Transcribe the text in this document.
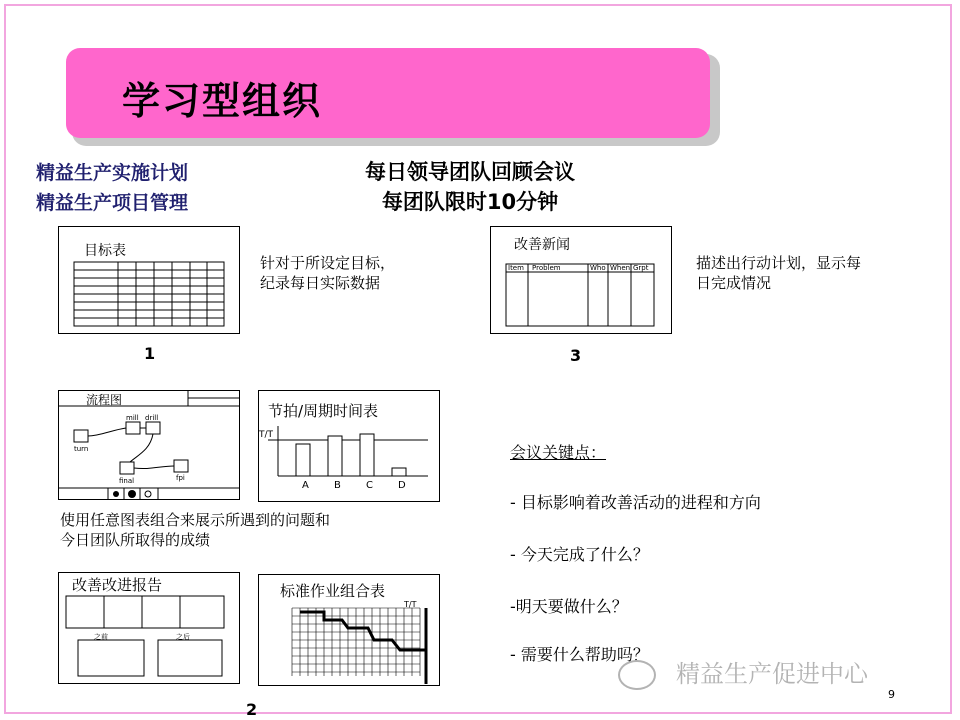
学习型组织
精益生产实施计划
精益生产项目管理
每日领导团队回顾会议
每团队限时10分钟
目标表
针对于所设定目标，
纪录每日实际数据
1
改善新闻
Item Problem	Who When Grpt	描述出行动计划，显示每
日完成情况
3
流程图
mill drill
turn
final	fpi
节拍/周期时间表
T/T
A	B	C	D
使用任意图表组合来展示所遇到的问题和
今日团队所取得的成绩
改善改进报告
之前	之后
2
标准作业组合表
T/T
会议关键点：
- 目标影响着改善活动的进程和方向
- 今天完成了什么？
-明天要做什么？
- 需要什么帮助吗？
精益生产促进中心
9
